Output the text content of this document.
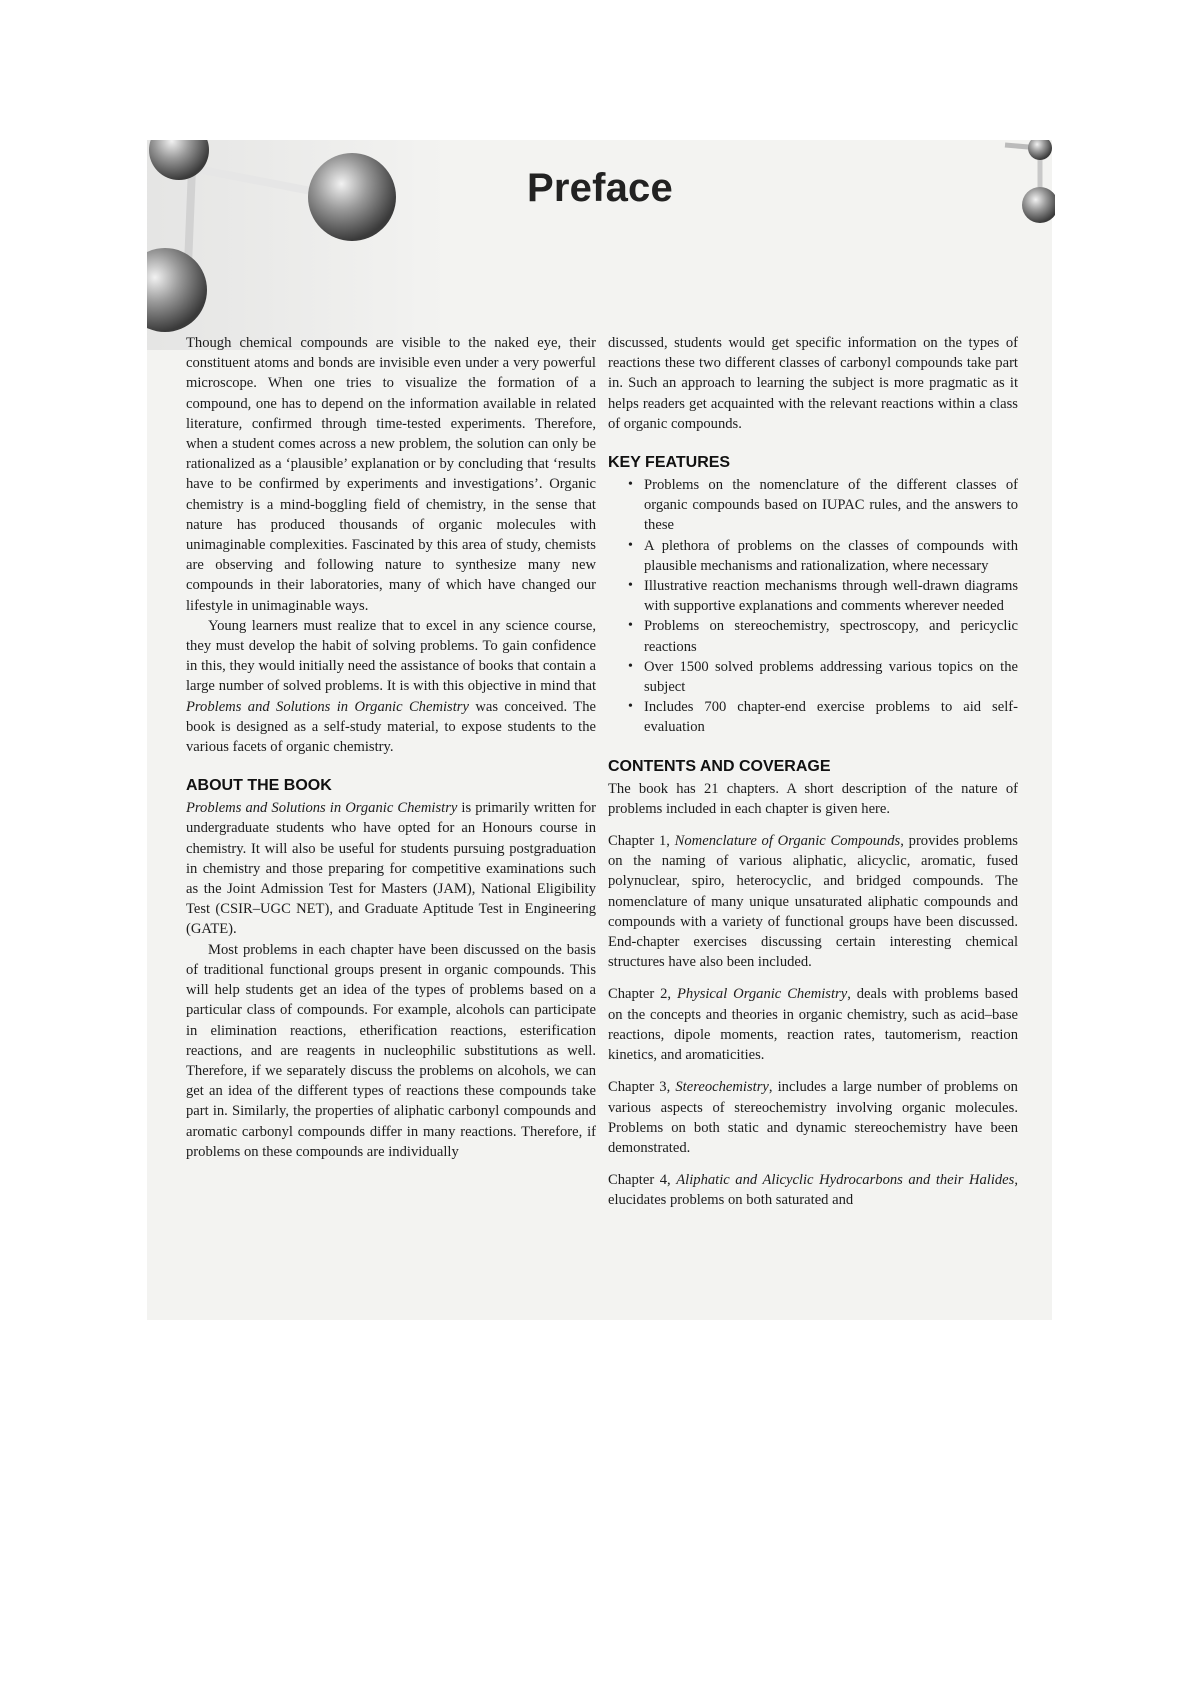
Preface

Though chemical compounds are visible to the naked eye, their constituent atoms and bonds are invisible even under a very powerful microscope. When one tries to visualize the formation of a compound, one has to depend on the information available in related literature, confirmed through time-tested experiments. Therefore, when a student comes across a new problem, the solution can only be rationalized as a ‘plausible’ explanation or by concluding that ‘results have to be confirmed by experiments and investigations’. Organic chemistry is a mind-boggling field of chemistry, in the sense that nature has produced thousands of organic molecules with unimaginable complexities. Fascinated by this area of study, chemists are observing and following nature to synthesize many new compounds in their laboratories, many of which have changed our lifestyle in unimaginable ways.

Young learners must realize that to excel in any science course, they must develop the habit of solving problems. To gain confidence in this, they would initially need the assistance of books that contain a large number of solved problems. It is with this objective in mind that Problems and Solutions in Organic Chemistry was conceived. The book is designed as a self-study material, to expose students to the various facets of organic chemistry.

ABOUT THE BOOK

Problems and Solutions in Organic Chemistry is primarily written for undergraduate students who have opted for an Honours course in chemistry. It will also be useful for students pursuing postgraduation in chemistry and those preparing for competitive examinations such as the Joint Admission Test for Masters (JAM), National Eligibility Test (CSIR–UGC NET), and Graduate Aptitude Test in Engineering (GATE).

Most problems in each chapter have been discussed on the basis of traditional functional groups present in organic compounds. This will help students get an idea of the types of problems based on a particular class of compounds. For example, alcohols can participate in elimination reactions, etherification reactions, esterification reactions, and are reagents in nucleophilic substitutions as well. Therefore, if we separately discuss the problems on alcohols, we can get an idea of the different types of reactions these compounds take part in. Similarly, the properties of aliphatic carbonyl compounds and aromatic carbonyl compounds differ in many reactions. Therefore, if problems on these compounds are individually

discussed, students would get specific information on the types of reactions these two different classes of carbonyl compounds take part in. Such an approach to learning the subject is more pragmatic as it helps readers get acquainted with the relevant reactions within a class of organic compounds.

KEY FEATURES
• Problems on the nomenclature of the different classes of organic compounds based on IUPAC rules, and the answers to these
• A plethora of problems on the classes of compounds with plausible mechanisms and rationalization, where necessary
• Illustrative reaction mechanisms through well-drawn diagrams with supportive explanations and comments wherever needed
• Problems on stereochemistry, spectroscopy, and pericyclic reactions
• Over 1500 solved problems addressing various topics on the subject
• Includes 700 chapter-end exercise problems to aid self-evaluation
CONTENTS AND COVERAGE

The book has 21 chapters. A short description of the nature of problems included in each chapter is given here.

Chapter 1, Nomenclature of Organic Compounds, provides problems on the naming of various aliphatic, alicyclic, aromatic, fused polynuclear, spiro, heterocyclic, and bridged compounds. The nomenclature of many unique unsaturated aliphatic compounds and compounds with a variety of functional groups have been discussed. End-chapter exercises discussing certain interesting chemical structures have also been included.

Chapter 2, Physical Organic Chemistry, deals with problems based on the concepts and theories in organic chemistry, such as acid–base reactions, dipole moments, reaction rates, tautomerism, reaction kinetics, and aromaticities.

Chapter 3, Stereochemistry, includes a large number of problems on various aspects of stereochemistry involving organic molecules. Problems on both static and dynamic stereochemistry have been demonstrated.

Chapter 4, Aliphatic and Alicyclic Hydrocarbons and their Halides, elucidates problems on both saturated and
